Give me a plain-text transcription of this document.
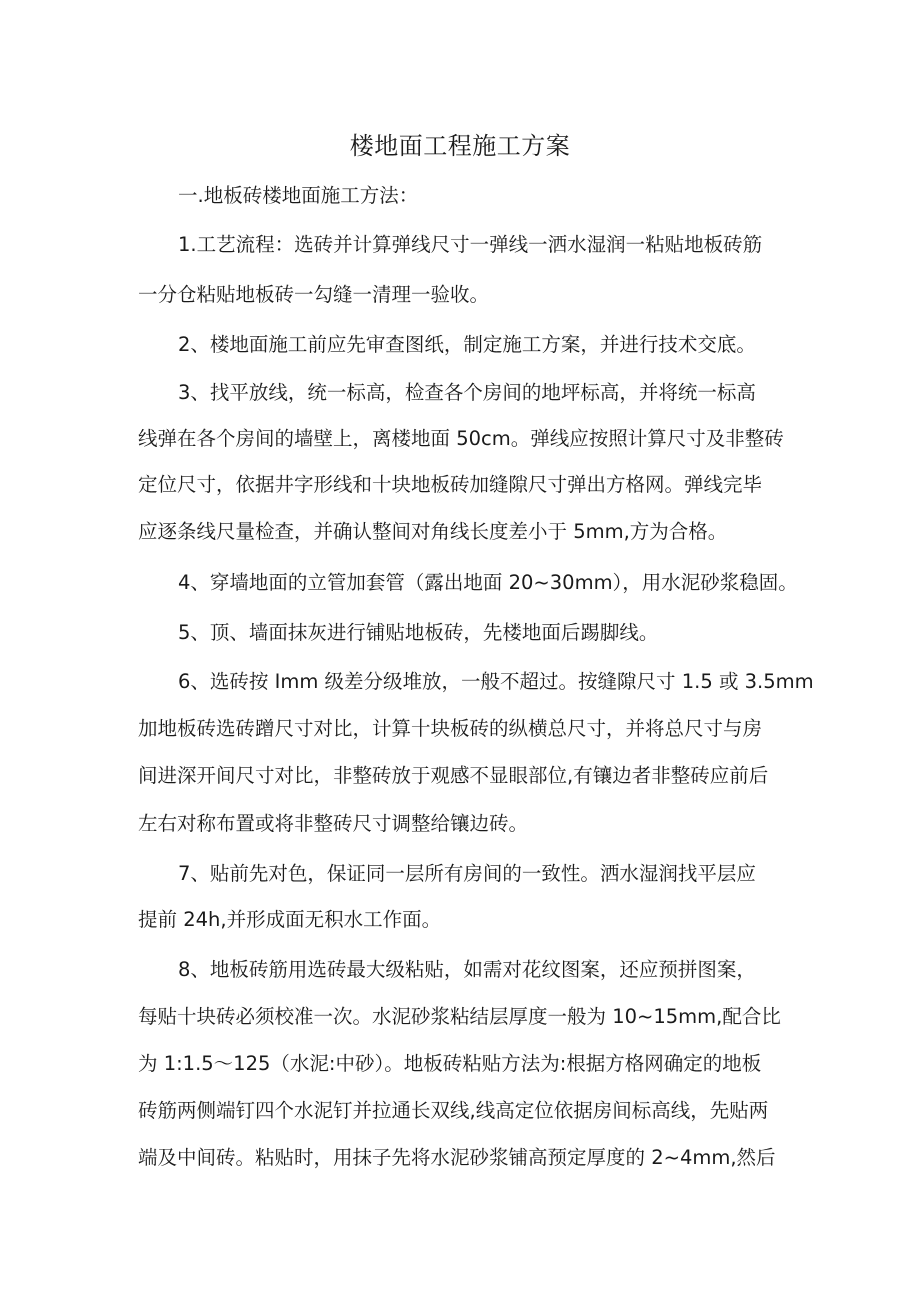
楼地面工程施工方案

一.地板砖楼地面施工方法：

1.工艺流程：选砖并计算弹线尺寸一弹线一洒水湿润一粘贴地板砖筋

一分仓粘贴地板砖一勾缝一清理一验收。

2、楼地面施工前应先审查图纸，制定施工方案，并进行技术交底。

3、找平放线，统一标高，检查各个房间的地坪标高，并将统一标高

线弹在各个房间的墙壁上，离楼地面 50cm。弹线应按照计算尺寸及非整砖

定位尺寸，依据井字形线和十块地板砖加缝隙尺寸弹出方格网。弹线完毕

应逐条线尺量检查，并确认整间对角线长度差小于 5mm,方为合格。

4、穿墙地面的立管加套管（露出地面 20~30mm），用水泥砂浆稳固。

5、顶、墙面抹灰进行铺贴地板砖，先楼地面后踢脚线。

6、选砖按 Imm 级差分级堆放，一般不超过。按缝隙尺寸 1.5 或 3.5mm

加地板砖选砖蹭尺寸对比，计算十块板砖的纵横总尺寸，并将总尺寸与房

间进深开间尺寸对比，非整砖放于观感不显眼部位,有镶边者非整砖应前后

左右对称布置或将非整砖尺寸调整给镶边砖。

7、贴前先对色，保证同一层所有房间的一致性。洒水湿润找平层应

提前 24h,并形成面无积水工作面。

8、地板砖筋用选砖最大级粘贴，如需对花纹图案，还应预拼图案，

每贴十块砖必须校准一次。水泥砂浆粘结层厚度一般为 10~15mm,配合比

为 1:1.5～125（水泥:中砂）。地板砖粘贴方法为:根据方格网确定的地板

砖筋两侧端钉四个水泥钉并拉通长双线,线高定位依据房间标高线，先贴两

端及中间砖。粘贴时，用抹子先将水泥砂浆铺高预定厚度的 2~4mm,然后
